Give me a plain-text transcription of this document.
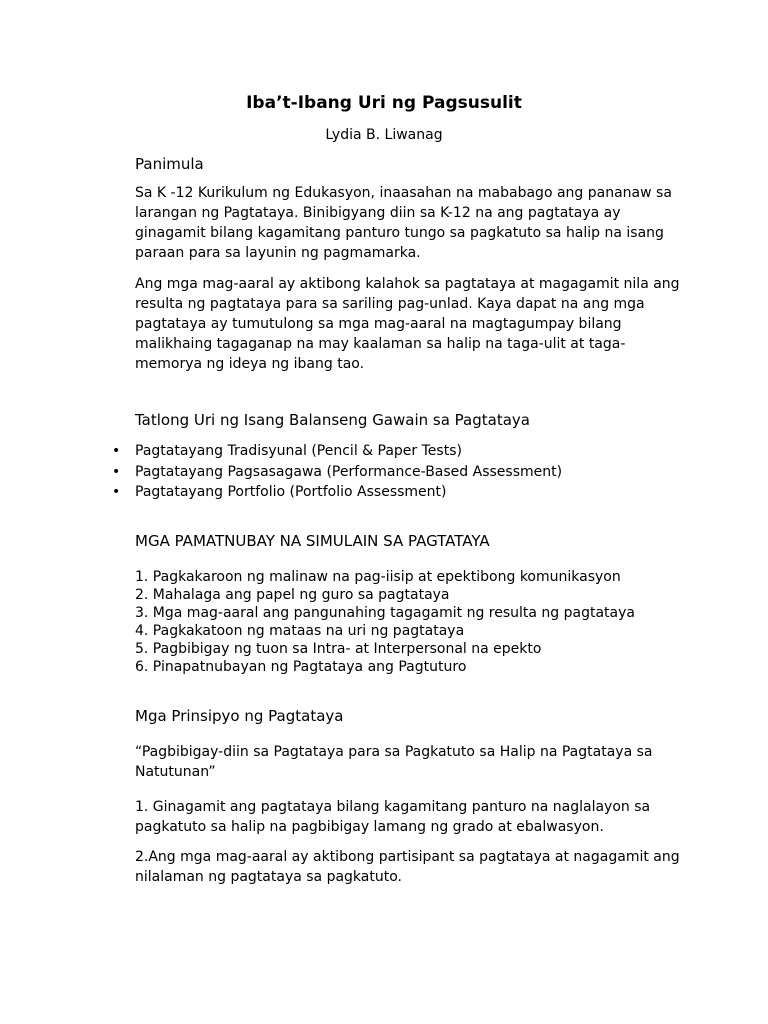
Iba’t-Ibang Uri ng Pagsusulit
Lydia B. Liwanag
Panimula

Sa K -12 Kurikulum ng Edukasyon, inaasahan na mababago ang pananaw sa larangan ng Pagtataya. Binibigyang diin sa K-12 na ang pagtataya ay ginagamit bilang kagamitang panturo tungo sa pagkatuto sa halip na isang paraan para sa layunin ng pagmamarka.

Ang mga mag-aaral ay aktibong kalahok sa pagtataya at magagamit nila ang resulta ng pagtataya para sa sariling pag-unlad. Kaya dapat na ang mga pagtataya ay tumutulong sa mga mag-aaral na magtagumpay bilang malikhaing tagaganap na may kaalaman sa halip na taga-ulit at taga-memorya ng ideya ng ibang tao.

Tatlong Uri ng Isang Balanseng Gawain sa Pagtataya
• Pagtatayang Tradisyunal (Pencil & Paper Tests)
• Pagtatayang Pagsasagawa (Performance-Based Assessment)
• Pagtatayang Portfolio (Portfolio Assessment)
MGA PAMATNUBAY NA SIMULAIN SA PAGTATAYA
1. Pagkakaroon ng malinaw na pag-iisip at epektibong komunikasyon
2. Mahalaga ang papel ng guro sa pagtataya
3. Mga mag-aaral ang pangunahing tagagamit ng resulta ng pagtataya
4. Pagkakatoon ng mataas na uri ng pagtataya
5. Pagbibigay ng tuon sa Intra- at Interpersonal na epekto
6. Pinapatnubayan ng Pagtataya ang Pagtuturo
Mga Prinsipyo ng Pagtataya

“Pagbibigay-diin sa Pagtataya para sa Pagkatuto sa Halip na Pagtataya sa Natutunan”

1. Ginagamit ang pagtataya bilang kagamitang panturo na naglalayon sa pagkatuto sa halip na pagbibigay lamang ng grado at ebalwasyon.

2.Ang mga mag-aaral ay aktibong partisipant sa pagtataya at nagagamit ang nilalaman ng pagtataya sa pagkatuto.
